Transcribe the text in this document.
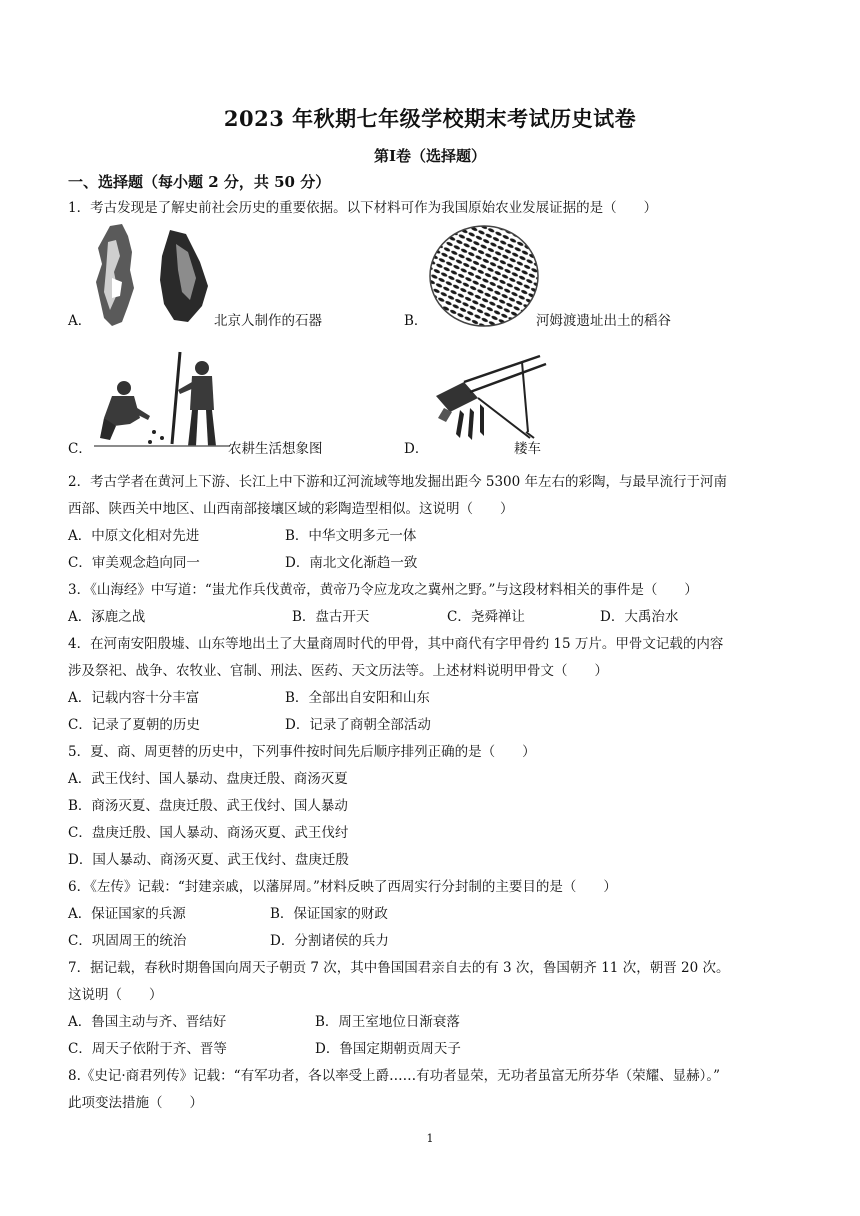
2023 年秋期七年级学校期末考试历史试卷
第Ⅰ卷（选择题）
一、选择题（每小题 2 分，共 50 分）
1．考古发现是了解史前社会历史的重要依据。以下材料可作为我国原始农业发展证据的是（　　）
A．	北京人制作的石器	B．	河姆渡遗址出土的稻谷
C．	农耕生活想象图	D．	耧车
2．考古学者在黄河上下游、长江上中下游和辽河流域等地发掘出距今 5300 年左右的彩陶，与最早流行于河南
西部、陕西关中地区、山西南部接壤区域的彩陶造型相似。这说明（　　）
A．中原文化相对先进	B．中华文明多元一体
C．审美观念趋向同一	D．南北文化渐趋一致
3．《山海经》中写道：“蚩尤作兵伐黄帝，黄帝乃令应龙攻之冀州之野。”与这段材料相关的事件是（　　）
A．涿鹿之战	B．盘古开天	C．尧舜禅让	D．大禹治水
4．在河南安阳殷墟、山东等地出土了大量商周时代的甲骨，其中商代有字甲骨约 15 万片。甲骨文记载的内容
涉及祭祀、战争、农牧业、官制、刑法、医药、天文历法等。上述材料说明甲骨文（　　）
A．记载内容十分丰富	B．全部出自安阳和山东
C．记录了夏朝的历史	D．记录了商朝全部活动
5．夏、商、周更替的历史中，下列事件按时间先后顺序排列正确的是（　　）
A．武王伐纣、国人暴动、盘庚迁殷、商汤灭夏
B．商汤灭夏、盘庚迁殷、武王伐纣、国人暴动
C．盘庚迁殷、国人暴动、商汤灭夏、武王伐纣
D．国人暴动、商汤灭夏、武王伐纣、盘庚迁殷
6．《左传》记载：“封建亲戚，以藩屏周。”材料反映了西周实行分封制的主要目的是（　　）
A．保证国家的兵源	B．保证国家的财政
C．巩固周王的统治	D．分割诸侯的兵力
7．据记载，春秋时期鲁国向周天子朝贡 7 次，其中鲁国国君亲自去的有 3 次，鲁国朝齐 11 次，朝晋 20 次。
这说明（　　）
A．鲁国主动与齐、晋结好	B．周王室地位日渐衰落
C．周天子依附于齐、晋等	D．鲁国定期朝贡周天子
8.《史记·商君列传》记载：“有军功者，各以率受上爵……有功者显荣，无功者虽富无所芬华（荣耀、显赫）。”
此项变法措施（　　）
1
